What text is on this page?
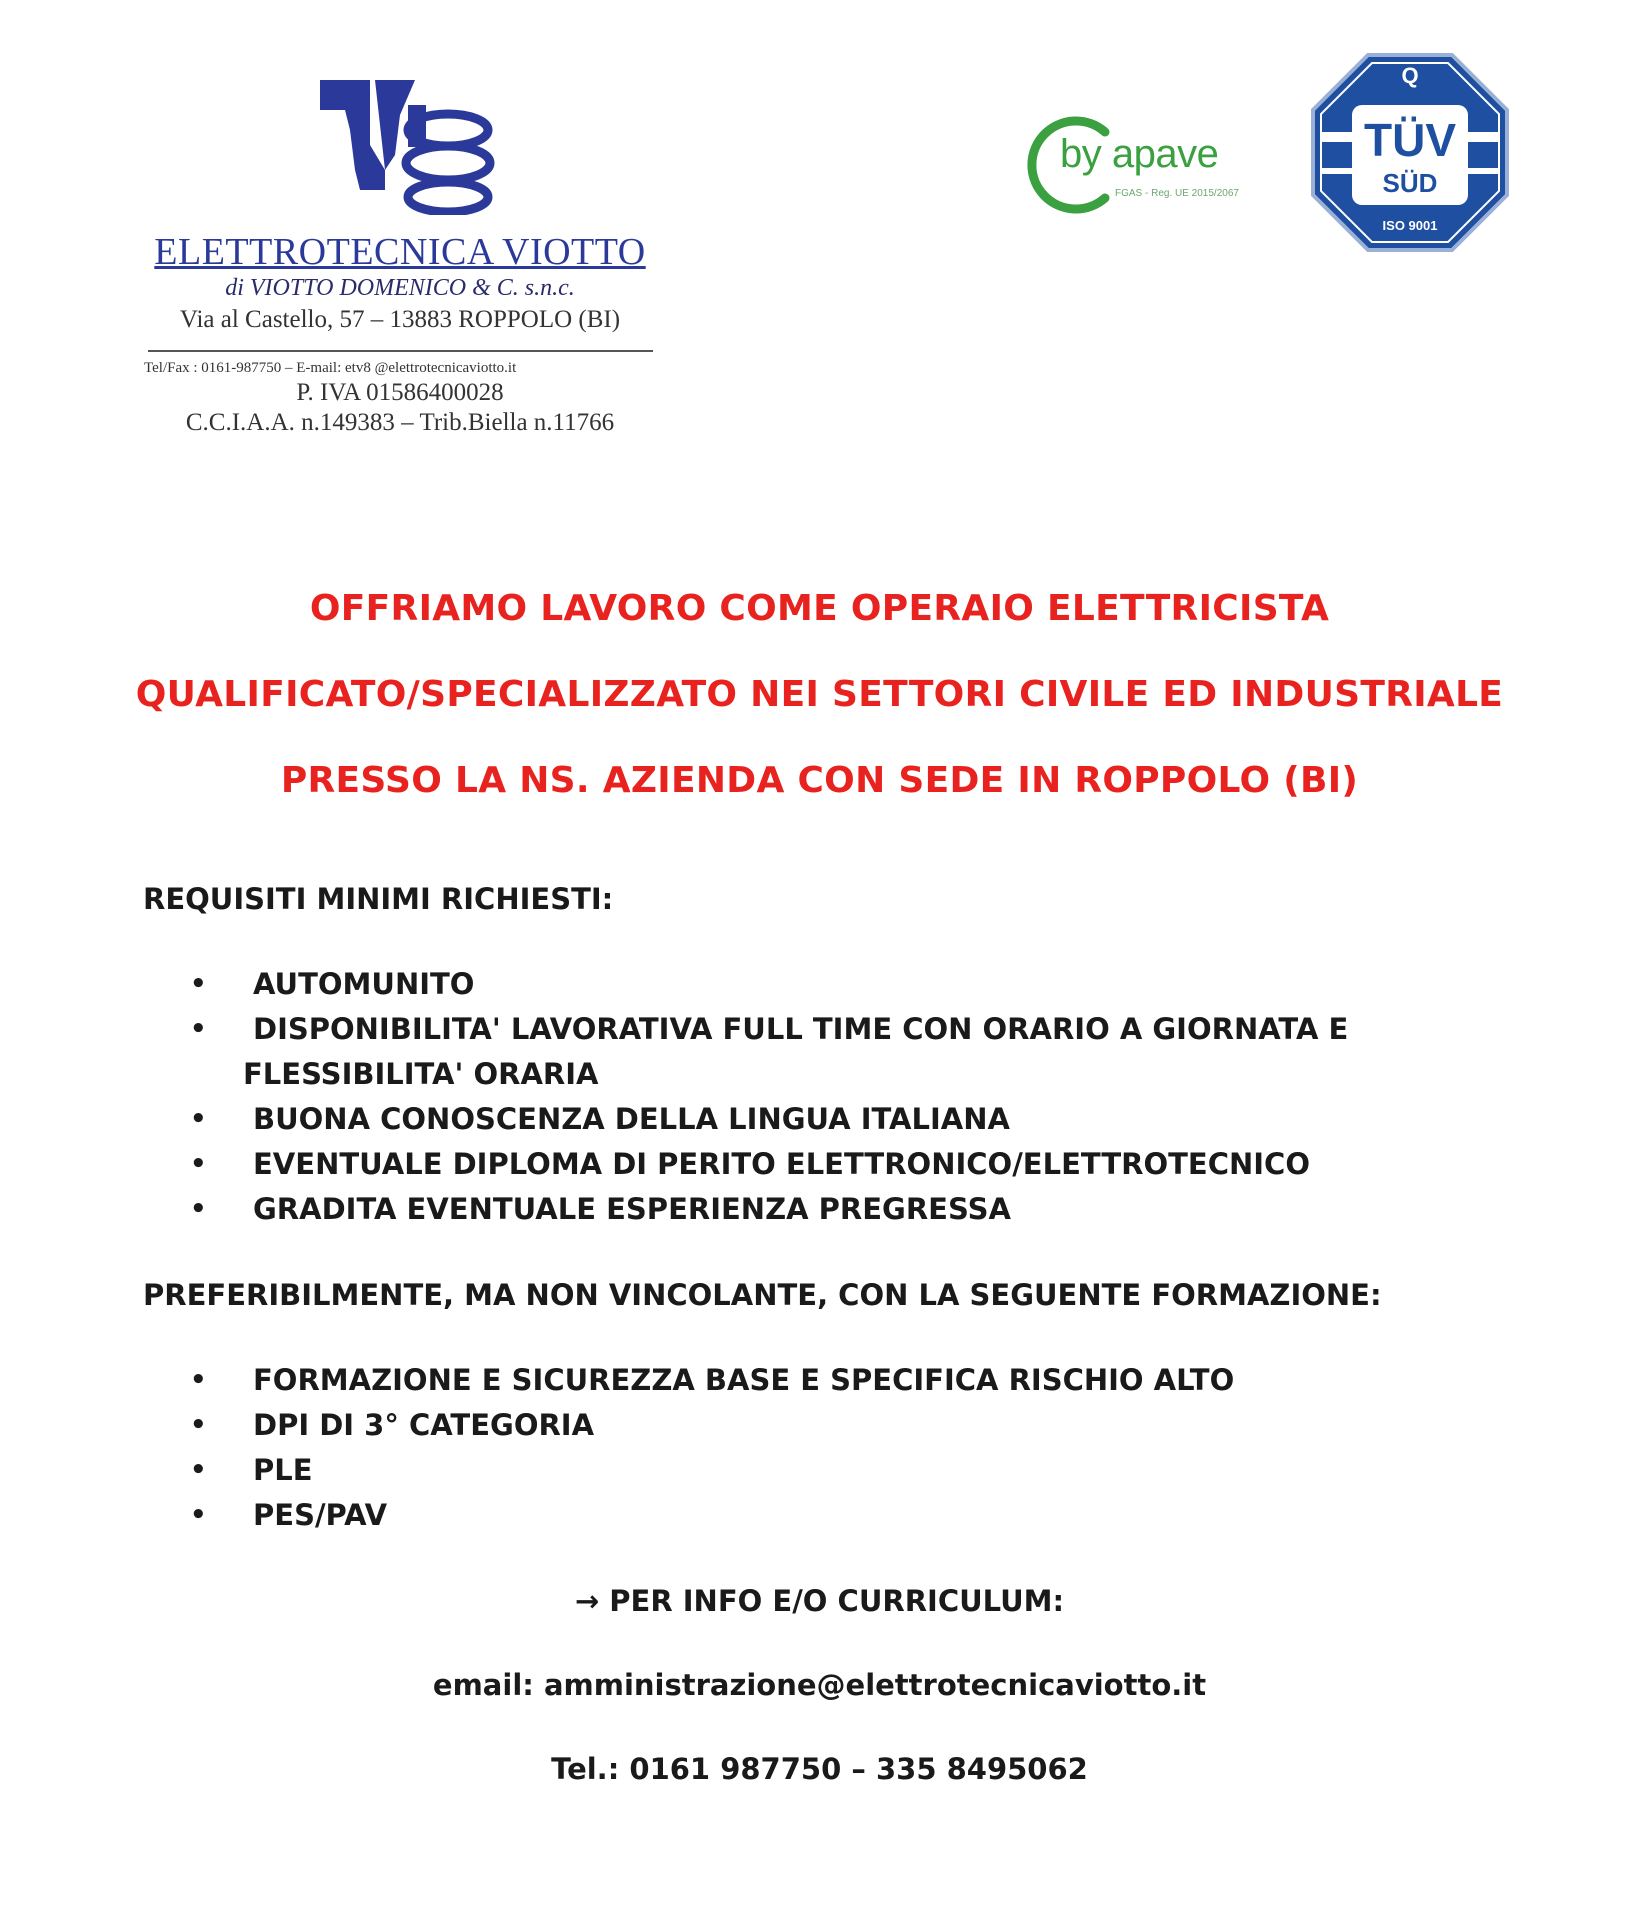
ELETTROTECNICA VIOTTO
di VIOTTO DOMENICO & C. s.n.c.
Via al Castello, 57 – 13883 ROPPOLO (BI)
Tel/Fax : 0161-987750 – E-mail: etv8 @elettrotecnicaviotto.it
P. IVA 01586400028
C.C.I.A.A. n.149383 – Trib.Biella n.11766
by apave
FGAS - Reg. UE 2015/2067
Q
TÜV
SÜD
ISO 9001
OFFRIAMO LAVORO COME OPERAIO ELETTRICISTA
QUALIFICATO/SPECIALIZZATO NEI SETTORI CIVILE ED INDUSTRIALE
PRESSO LA NS. AZIENDA CON SEDE IN ROPPOLO (BI)
REQUISITI MINIMI RICHIESTI:
• AUTOMUNITO
• DISPONIBILITA' LAVORATIVA FULL TIME CON ORARIO A GIORNATA E
FLESSIBILITA' ORARIA
• BUONA CONOSCENZA DELLA LINGUA ITALIANA
• EVENTUALE DIPLOMA DI PERITO ELETTRONICO/ELETTROTECNICO
• GRADITA EVENTUALE ESPERIENZA PREGRESSA
PREFERIBILMENTE, MA NON VINCOLANTE, CON LA SEGUENTE FORMAZIONE:
• FORMAZIONE E SICUREZZA BASE E SPECIFICA RISCHIO ALTO
• DPI DI 3° CATEGORIA
• PLE
• PES/PAV
→ PER INFO E/O CURRICULUM:
email: amministrazione@elettrotecnicaviotto.it
Tel.: 0161 987750 – 335 8495062
